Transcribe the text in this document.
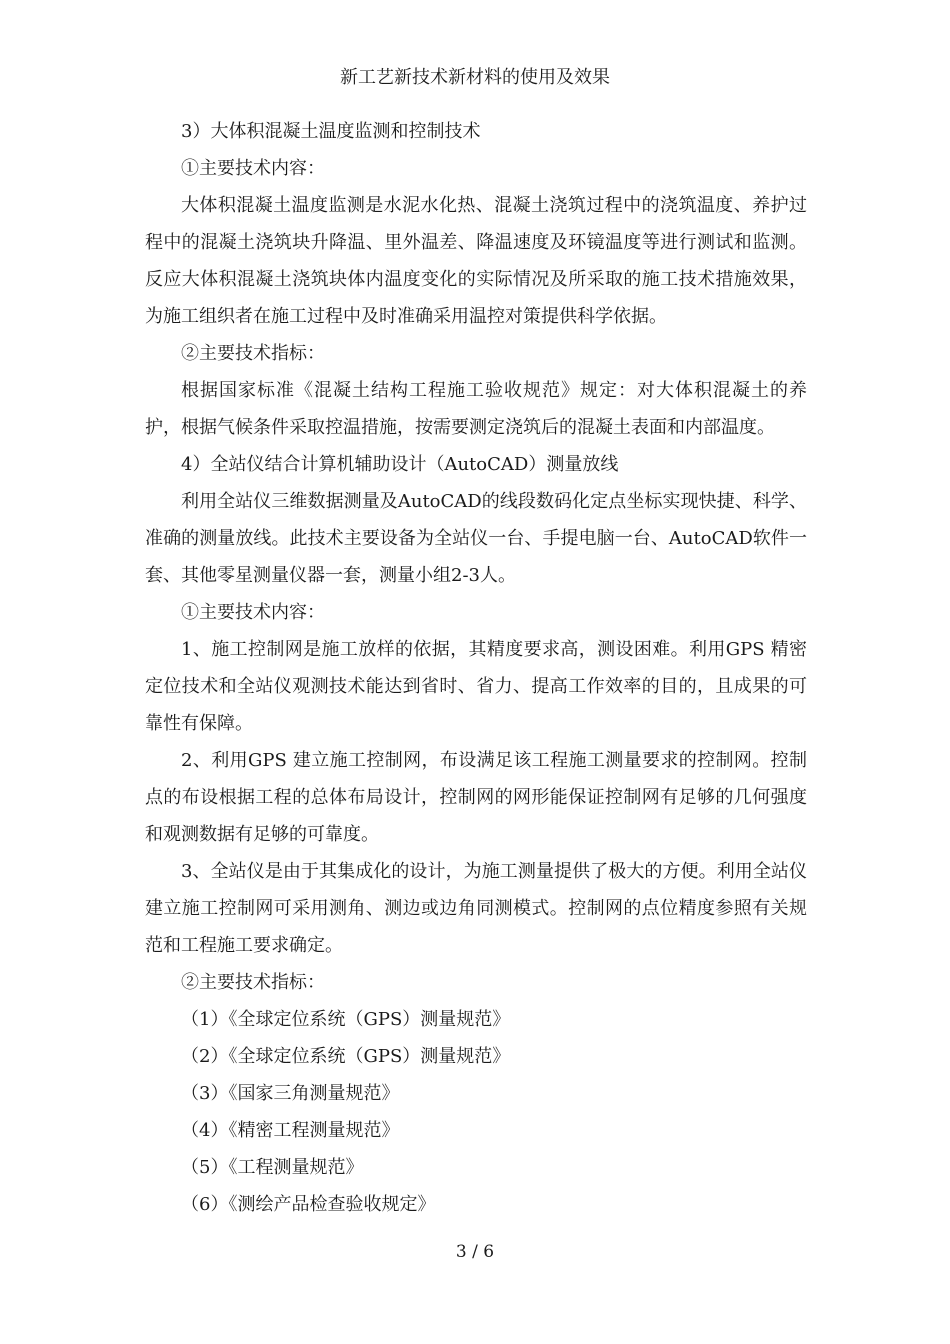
新工艺新技术新材料的使用及效果

3）大体积混凝土温度监测和控制技术

①主要技术内容：

大体积混凝土温度监测是水泥水化热、混凝土浇筑过程中的浇筑温度、养护过程中的混凝土浇筑块升降温、里外温差、降温速度及环镜温度等进行测试和监测。反应大体积混凝土浇筑块体内温度变化的实际情况及所采取的施工技术措施效果，为施工组织者在施工过程中及时准确采用温控对策提供科学依据。

②主要技术指标：

根据国家标准《混凝土结构工程施工验收规范》规定：对大体积混凝土的养护，根据气候条件采取控温措施，按需要测定浇筑后的混凝土表面和内部温度。

4）全站仪结合计算机辅助设计（AutoCAD）测量放线

利用全站仪三维数据测量及AutoCAD的线段数码化定点坐标实现快捷、科学、准确的测量放线。此技术主要设备为全站仪一台、手提电脑一台、AutoCAD软件一套、其他零星测量仪器一套，测量小组2-3人。

①主要技术内容：

1、施工控制网是施工放样的依据，其精度要求高，测设困难。利用GPS 精密定位技术和全站仪观测技术能达到省时、省力、提高工作效率的目的，且成果的可靠性有保障。

2、利用GPS 建立施工控制网，布设满足该工程施工测量要求的控制网。控制点的布设根据工程的总体布局设计，控制网的网形能保证控制网有足够的几何强度和观测数据有足够的可靠度。

3、全站仪是由于其集成化的设计，为施工测量提供了极大的方便。利用全站仪建立施工控制网可采用测角、测边或边角同测模式。控制网的点位精度参照有关规范和工程施工要求确定。

②主要技术指标：

（1）《全球定位系统（GPS）测量规范》

（2）《全球定位系统（GPS）测量规范》

（3）《国家三角测量规范》

（4）《精密工程测量规范》

（5）《工程测量规范》

（6）《测绘产品检查验收规定》

3 / 6
